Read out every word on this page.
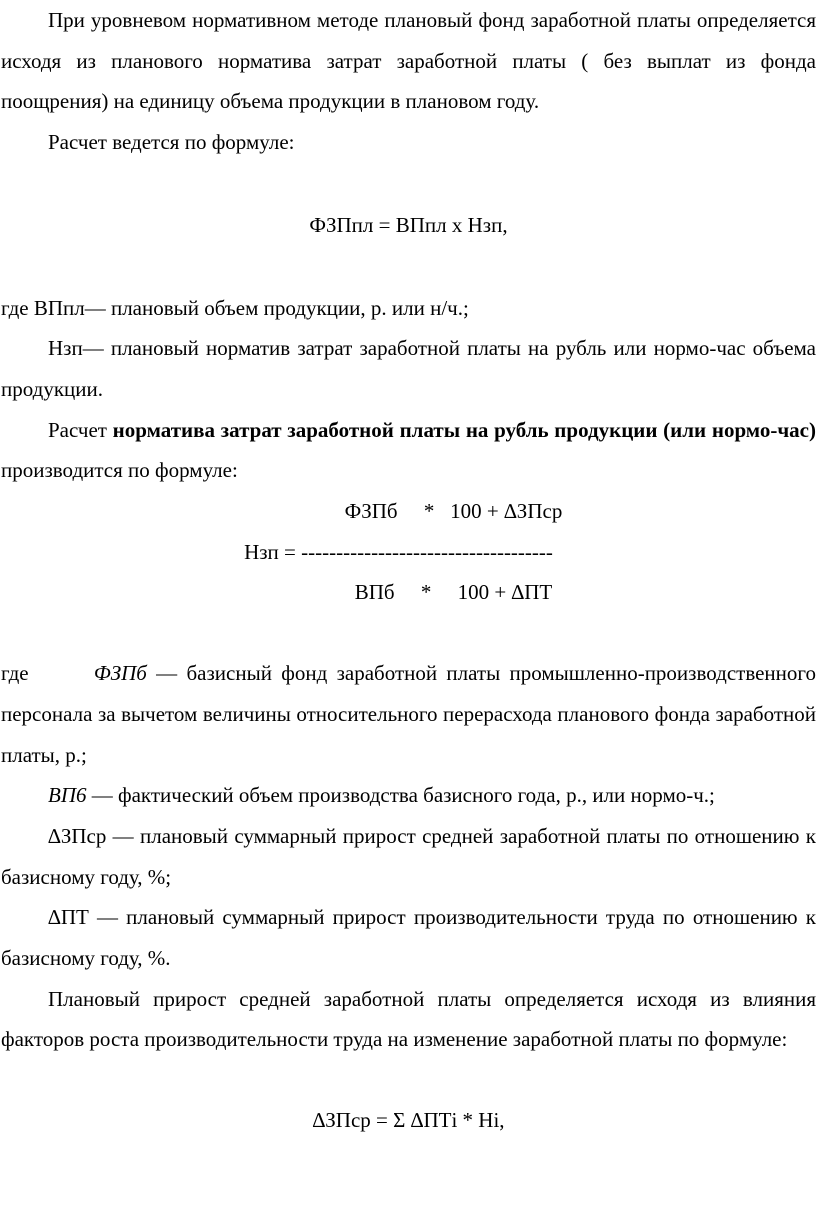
При уровневом нормативном методе плановый фонд заработной платы определяется исходя из планового норматива затрат заработной платы ( без выплат из фонда поощрения) на единицу объема продукции в плановом году.

Расчет ведется по формуле:

ФЗПпл = ВПпл х Нзп,

где ВПпл— плановый объем продукции, р. или н/ч.;

Нзп— плановый норматив затрат заработной платы на рубль или нормо-час объема продукции.

Расчет норматива затрат заработной платы на рубль продукции (или нормо-час) производится по формуле:

ФЗПб     *   100 + ∆ЗПср
Нзп = ------------------------------------
ВПб     *     100 + ∆ПТ

где	ФЗПб — базисный фонд заработной платы промышленно-производственного персонала за вычетом величины относительного перерасхода планового фонда заработной платы, р.;

ВП6 — фактический объем производства базисного года, р., или нормо-ч.;

∆ЗПср — плановый суммарный прирост средней заработной платы по отношению к базисному году, %;

∆ПТ — плановый суммарный прирост производительности труда по отношению к базисному году, %.

Плановый прирост средней заработной платы определяется исходя из влияния факторов роста производительности труда на изменение заработной платы по формуле:

∆ЗПср = Σ ∆ПТi * Нi,
